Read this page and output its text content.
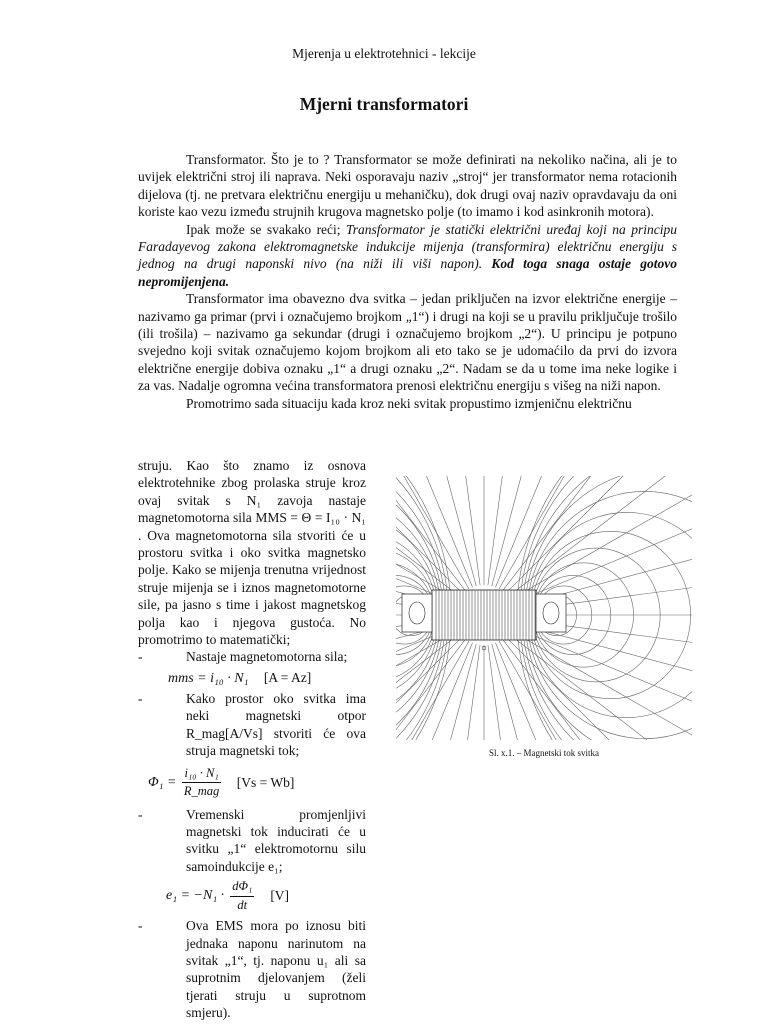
Mjerenja u elektrotehnici - lekcije
Mjerni transformatori

Transformator. Što je to ? Transformator se može definirati na nekoliko načina, ali je to uvijek električni stroj ili naprava. Neki osporavaju naziv „stroj“ jer transformator nema rotacionih dijelova (tj. ne pretvara električnu energiju u mehaničku), dok drugi ovaj naziv opravdavaju da oni koriste kao vezu između strujnih krugova magnetsko polje (to imamo i kod asinkronih motora).

Ipak može se svakako reći; Transformator je statički električni uređaj koji na principu Faradayevog zakona elektromagnetske indukcije mijenja (transformira) električnu energiju s jednog na drugi naponski nivo (na niži ili viši napon). Kod toga snaga ostaje gotovo nepromijenjena.

Transformator ima obavezno dva svitka – jedan priključen na izvor električne energije – nazivamo ga primar (prvi i označujemo brojkom „1“) i drugi na koji se u pravilu priključuje trošilo (ili trošila) – nazivamo ga sekundar (drugi i označujemo brojkom „2“). U principu je potpuno svejedno koji svitak označujemo kojom brojkom ali eto tako se je udomaćilo da prvi do izvora električne energije dobiva oznaku „1“ a drugi oznaku „2“. Nadam se da u tome ima neke logike i za vas. Nadalje ogromna većina transformatora prenosi električnu energiju s višeg na niži napon.

Promotrimo sada situaciju kada kroz neki svitak propustimo izmjeničnu električnu

struju. Kao što znamo iz osnova elektrotehnike zbog prolaska struje kroz ovaj svitak s N₁ zavoja nastaje magnetomotorna sila MMS = Θ = I₁₀ · N₁ . Ova magnetomotorna sila stvoriti će u prostoru svitka i oko svitka magnetsko polje. Kako se mijenja trenutna vrijednost struje mijenja se i iznos magnetomotorne sile, pa jasno s time i jakost magnetskog polja kao i njegova gustoća. No promotrimo to matematički;

-	Nastaje magnetomotorna sila;
mms = i₁₀ · N₁ [A = Az]
-	Kako prostor oko svitka ima neki magnetski otpor R_mag[A/Vs] stvoriti će ova struja magnetski tok;
Φ₁ =
i₁₀ · N₁
R_mag
[Vs = Wb]
-	Vremenski promjenljivi magnetski tok inducirati će u svitku „1“ elektromotornu silu samoindukcije e₁;
$e_1 = -N_1 \cdot \frac{\text{dΦ₁}}{dt} [V]$
-	Ova EMS mora po iznosu biti jednaka naponu narinutom na svitak „1“, tj. naponu u₁ ali sa suprotnim djelovanjem (želi tjerati struju u suprotnom smjeru).
Sl. x.1. – Magnetski tok svitka
